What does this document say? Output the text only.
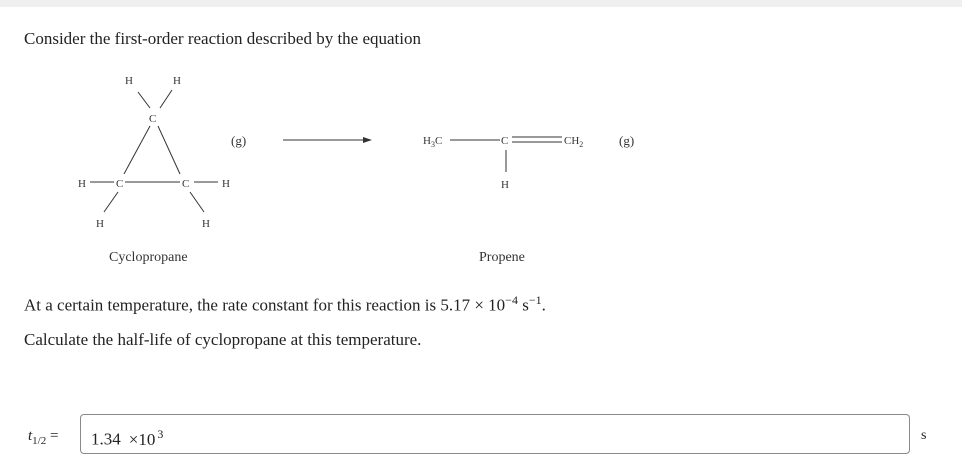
Consider the first-order reaction described by the equation
H	H
C
H	C	C	H
H	H
(g)
Cyclopropane
$H_3C$	C	$CH_2$
H
(g)
Propene
At a certain temperature, the rate constant for this reaction is $5.17 \times 10^{-4}$ $s^{-1}$.
Calculate the half-life of cyclopropane at this temperature.
$t_{1/2} = 1.34 \times 10$ $^3$	s
